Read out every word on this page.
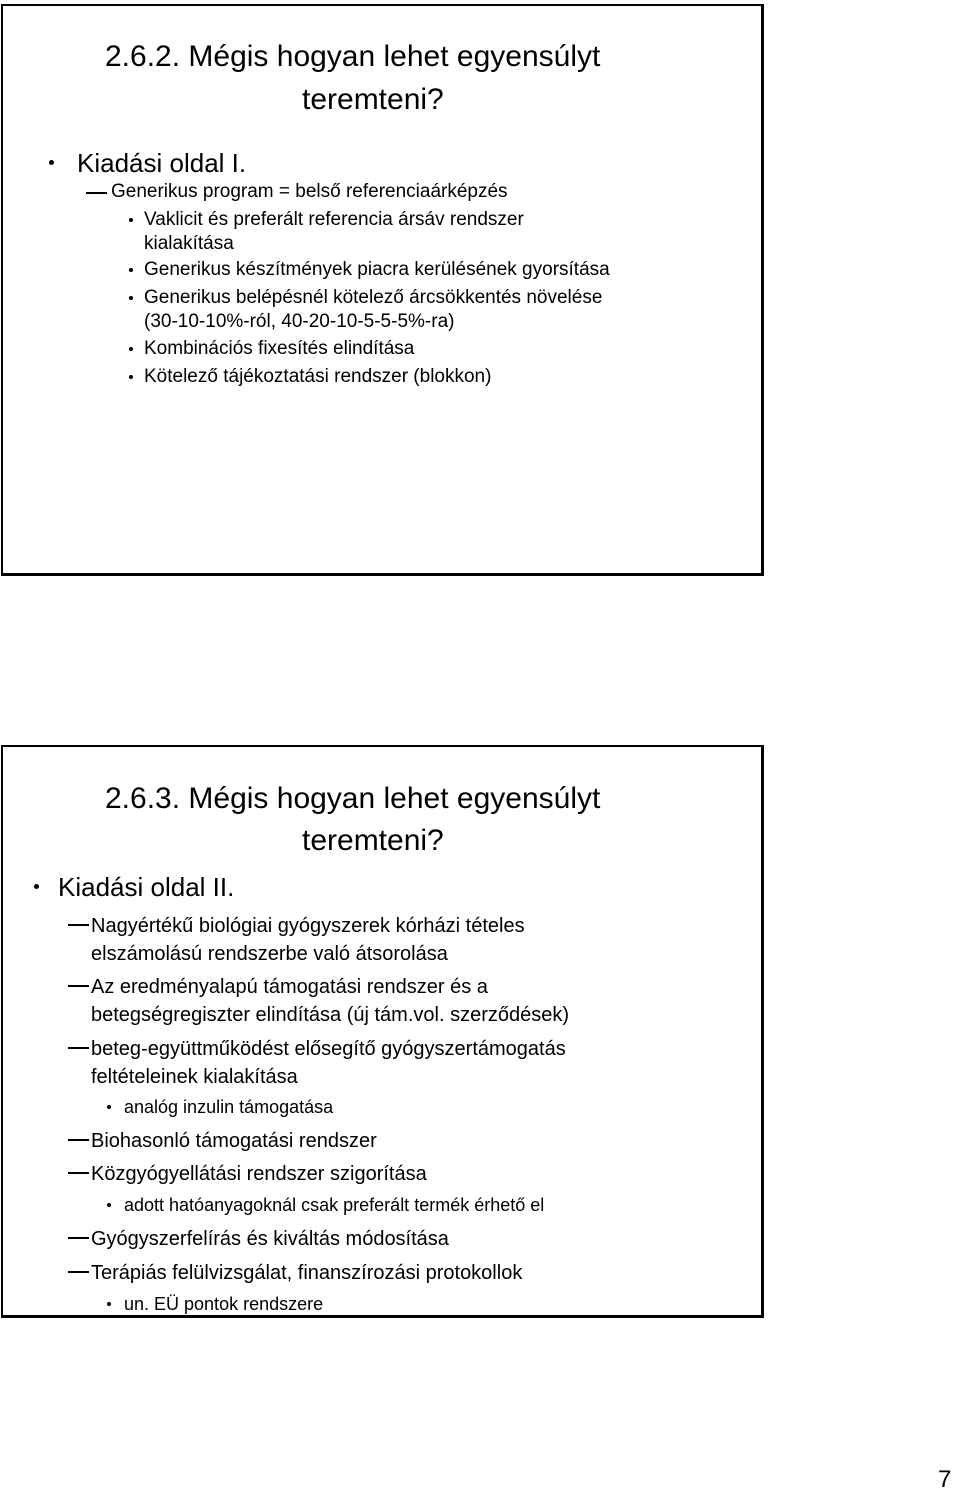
2.6.2. Mégis hogyan lehet egyensúlyt
teremteni?
Kiadási oldal I.
Generikus program = belső referenciaárképzés
Vaklicit és preferált referencia ársáv rendszer
kialakítása
Generikus készítmények piacra kerülésének gyorsítása
Generikus belépésnél kötelező árcsökkentés növelése
(30-10-10%-ról, 40-20-10-5-5-5%-ra)
Kombinációs fixesítés elindítása
Kötelező tájékoztatási rendszer (blokkon)
2.6.3. Mégis hogyan lehet egyensúlyt
teremteni?
Kiadási oldal II.
Nagyértékű biológiai gyógyszerek kórházi tételes
elszámolású rendszerbe való átsorolása
Az eredményalapú támogatási rendszer és a
betegségregiszter elindítása (új tám.vol. szerződések)
beteg-együttműködést elősegítő gyógyszertámogatás
feltételeinek kialakítása
analóg inzulin támogatása
Biohasonló támogatási rendszer
Közgyógyellátási rendszer szigorítása
adott hatóanyagoknál csak preferált termék érhető el
Gyógyszerfelírás és kiváltás módosítása
Terápiás felülvizsgálat, finanszírozási protokollok
un. EÜ pontok rendszere
7
